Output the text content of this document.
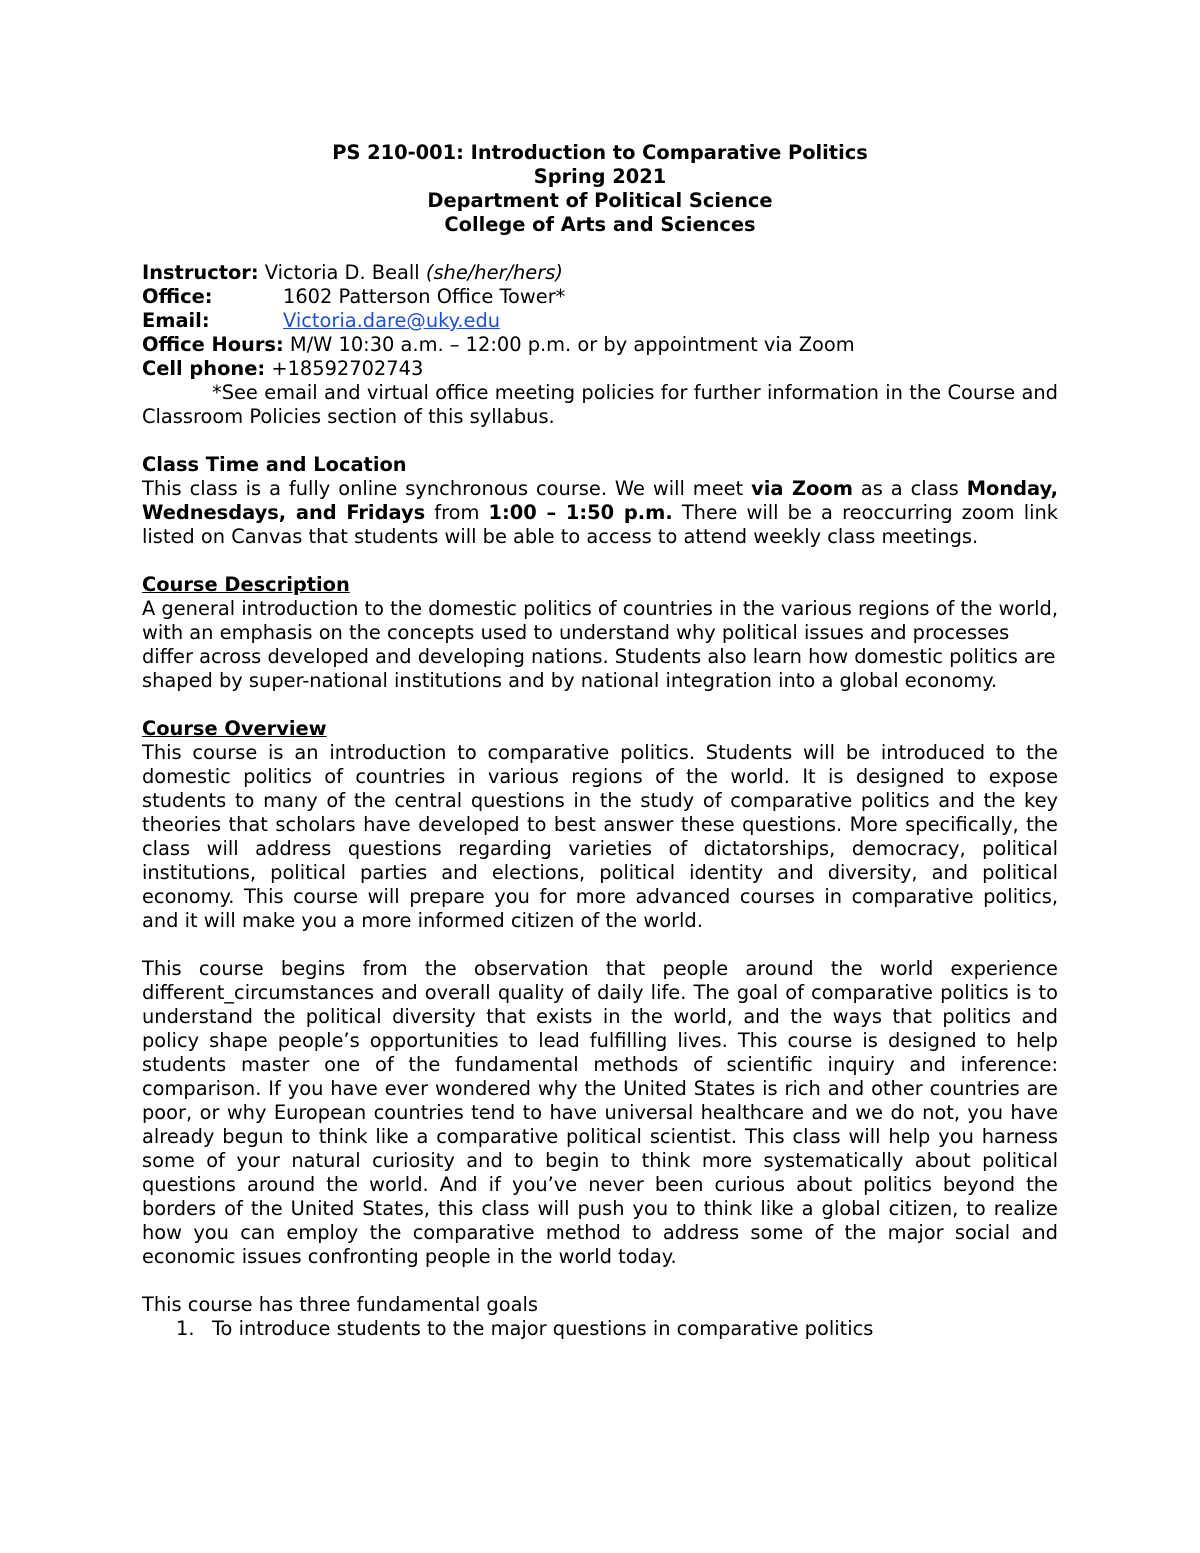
PS 210-001: Introduction to Comparative Politics
Spring 2021
Department of Political Science
College of Arts and Sciences
Instructor: Victoria D. Beall (she/her/hers)
Office:	1602 Patterson Office Tower*
Email:	Victoria.dare@uky.edu
Office Hours: M/W 10:30 a.m. – 12:00 p.m. or by appointment via Zoom
Cell phone: +18592702743

*See email and virtual office meeting policies for further information in the Course and Classroom Policies section of this syllabus.

Class Time and Location

This class is a fully online synchronous course. We will meet via Zoom as a class Monday, Wednesdays, and Fridays from 1:00 – 1:50 p.m. There will be a reoccurring zoom link listed on Canvas that students will be able to access to attend weekly class meetings.

Course Description

A general introduction to the domestic politics of countries in the various regions of the world, with an emphasis on the concepts used to understand why political issues and processes differ across developed and developing nations. Students also learn how domestic politics are shaped by super-national institutions and by national integration into a global economy.

Course Overview

This course is an introduction to comparative politics. Students will be introduced to the domestic politics of countries in various regions of the world. It is designed to expose students to many of the central questions in the study of comparative politics and the key theories that scholars have developed to best answer these questions. More specifically, the class will address questions regarding varieties of dictatorships, democracy, political institutions, political parties and elections, political identity and diversity, and political economy. This course will prepare you for more advanced courses in comparative politics, and it will make you a more informed citizen of the world.

This course begins from the observation that people around the world experience different_circumstances and overall quality of daily life. The goal of comparative politics is to understand the political diversity that exists in the world, and the ways that politics and policy shape people’s opportunities to lead fulfilling lives. This course is designed to help students master one of the fundamental methods of scientific inquiry and inference: comparison. If you have ever wondered why the United States is rich and other countries are poor, or why European countries tend to have universal healthcare and we do not, you have already begun to think like a comparative political scientist. This class will help you harness some of your natural curiosity and to begin to think more systematically about political questions around the world. And if you’ve never been curious about politics beyond the borders of the United States, this class will push you to think like a global citizen, to realize how you can employ the comparative method to address some of the major social and economic issues confronting people in the world today.

This course has three fundamental goals
1. To introduce students to the major questions in comparative politics
